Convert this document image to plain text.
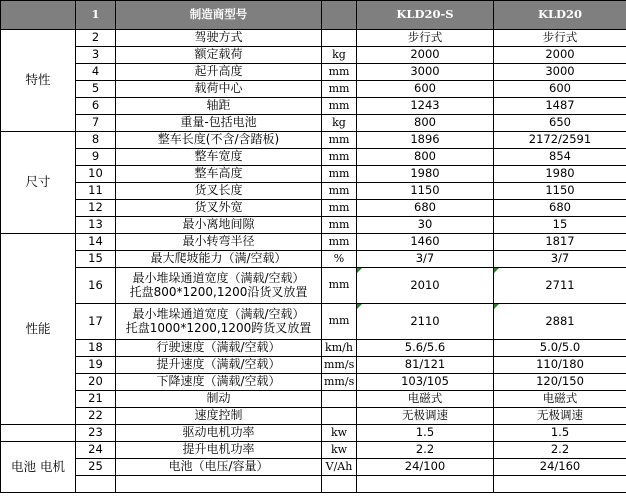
	1	制造商型号		KLD20-S	KLD20
特性	2	驾驶方式		步行式	步行式
	3	额定载荷	kg	2000	2000
	4	起升高度	mm	3000	3000
	5	载荷中心	mm	600	600
	6	轴距	mm	1243	1487
	7	重量-包括电池	kg	800	650
尺寸	8	整车长度(不含/含踏板)	mm	1896	2172/2591
	9	整车宽度	mm	800	854
	10	整车高度	mm	1980	1980
	11	货叉长度	mm	1150	1150
	12	货叉外宽	mm	680	680
	13	最小离地间隙	mm	30	15
性能	14	最小转弯半径	mm	1460	1817
	15	最大爬坡能力（满/空载）	%	3/7	3/7
	16	最小堆垛通道宽度（满载/空载）
托盘800*1200,1200沿货叉放置	mm	2010	2711
	17	最小堆垛通道宽度（满载/空载）
托盘1000*1200,1200跨货叉放置	mm	2110	2881
	18	行驶速度（满载/空载）	km/h	5.6/5.6	5.0/5.0
	19	提升速度（满载/空载）	mm/s	81/121	110/180
	20	下降速度（满载/空载）	mm/s	103/105	120/150
	21	制动		电磁式	电磁式
	22	速度控制		无极调速	无极调速
	23	驱动电机功率	kw	1.5	1.5
电池 电机	24	提升电机功率	kw	2.2	2.2
	25	电池（电压/容量）	V/Ah	24/100	24/160
